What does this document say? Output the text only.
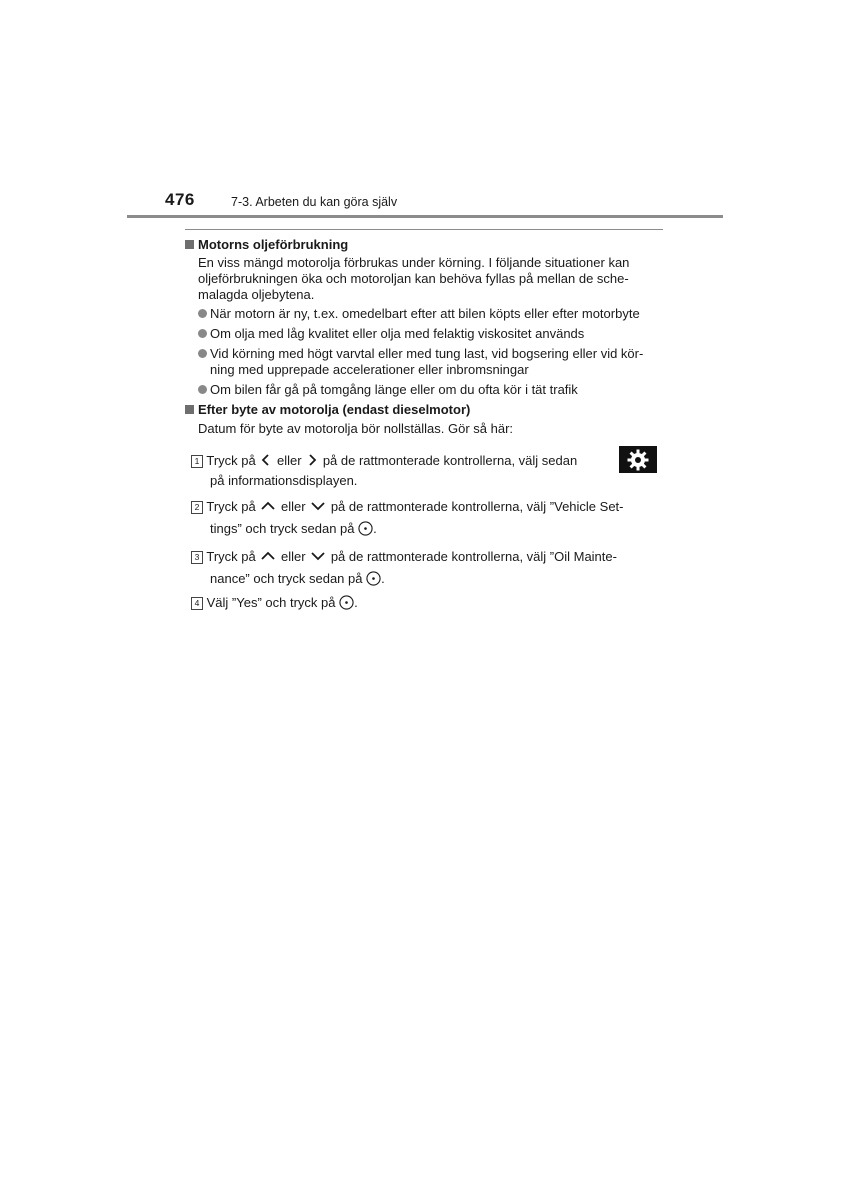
476	7-3. Arbeten du kan göra själv
Motorns oljeförbrukning
En viss mängd motorolja förbrukas under körning. I följande situationer kan
oljeförbrukningen öka och motoroljan kan behöva fyllas på mellan de sche-
malagda oljebytena.
När motorn är ny, t.ex. omedelbart efter att bilen köpts eller efter motorbyte
Om olja med låg kvalitet eller olja med felaktig viskositet används
Vid körning med högt varvtal eller med tung last, vid bogsering eller vid kör-
ning med upprepade accelerationer eller inbromsningar
Om bilen får gå på tomgång länge eller om du ofta kör i tät trafik
Efter byte av motorolja (endast dieselmotor)
Datum för byte av motorolja bör nollställas. Gör så här:
1 Tryck på eller på de rattmonterade kontrollerna, välj sedan
på informationsdisplayen.
2 Tryck på eller på de rattmonterade kontrollerna, välj ”Vehicle Set-
tings” och tryck sedan på .
3 Tryck på eller på de rattmonterade kontrollerna, välj ”Oil Mainte-
nance” och tryck sedan på .
4 Välj ”Yes” och tryck på .
